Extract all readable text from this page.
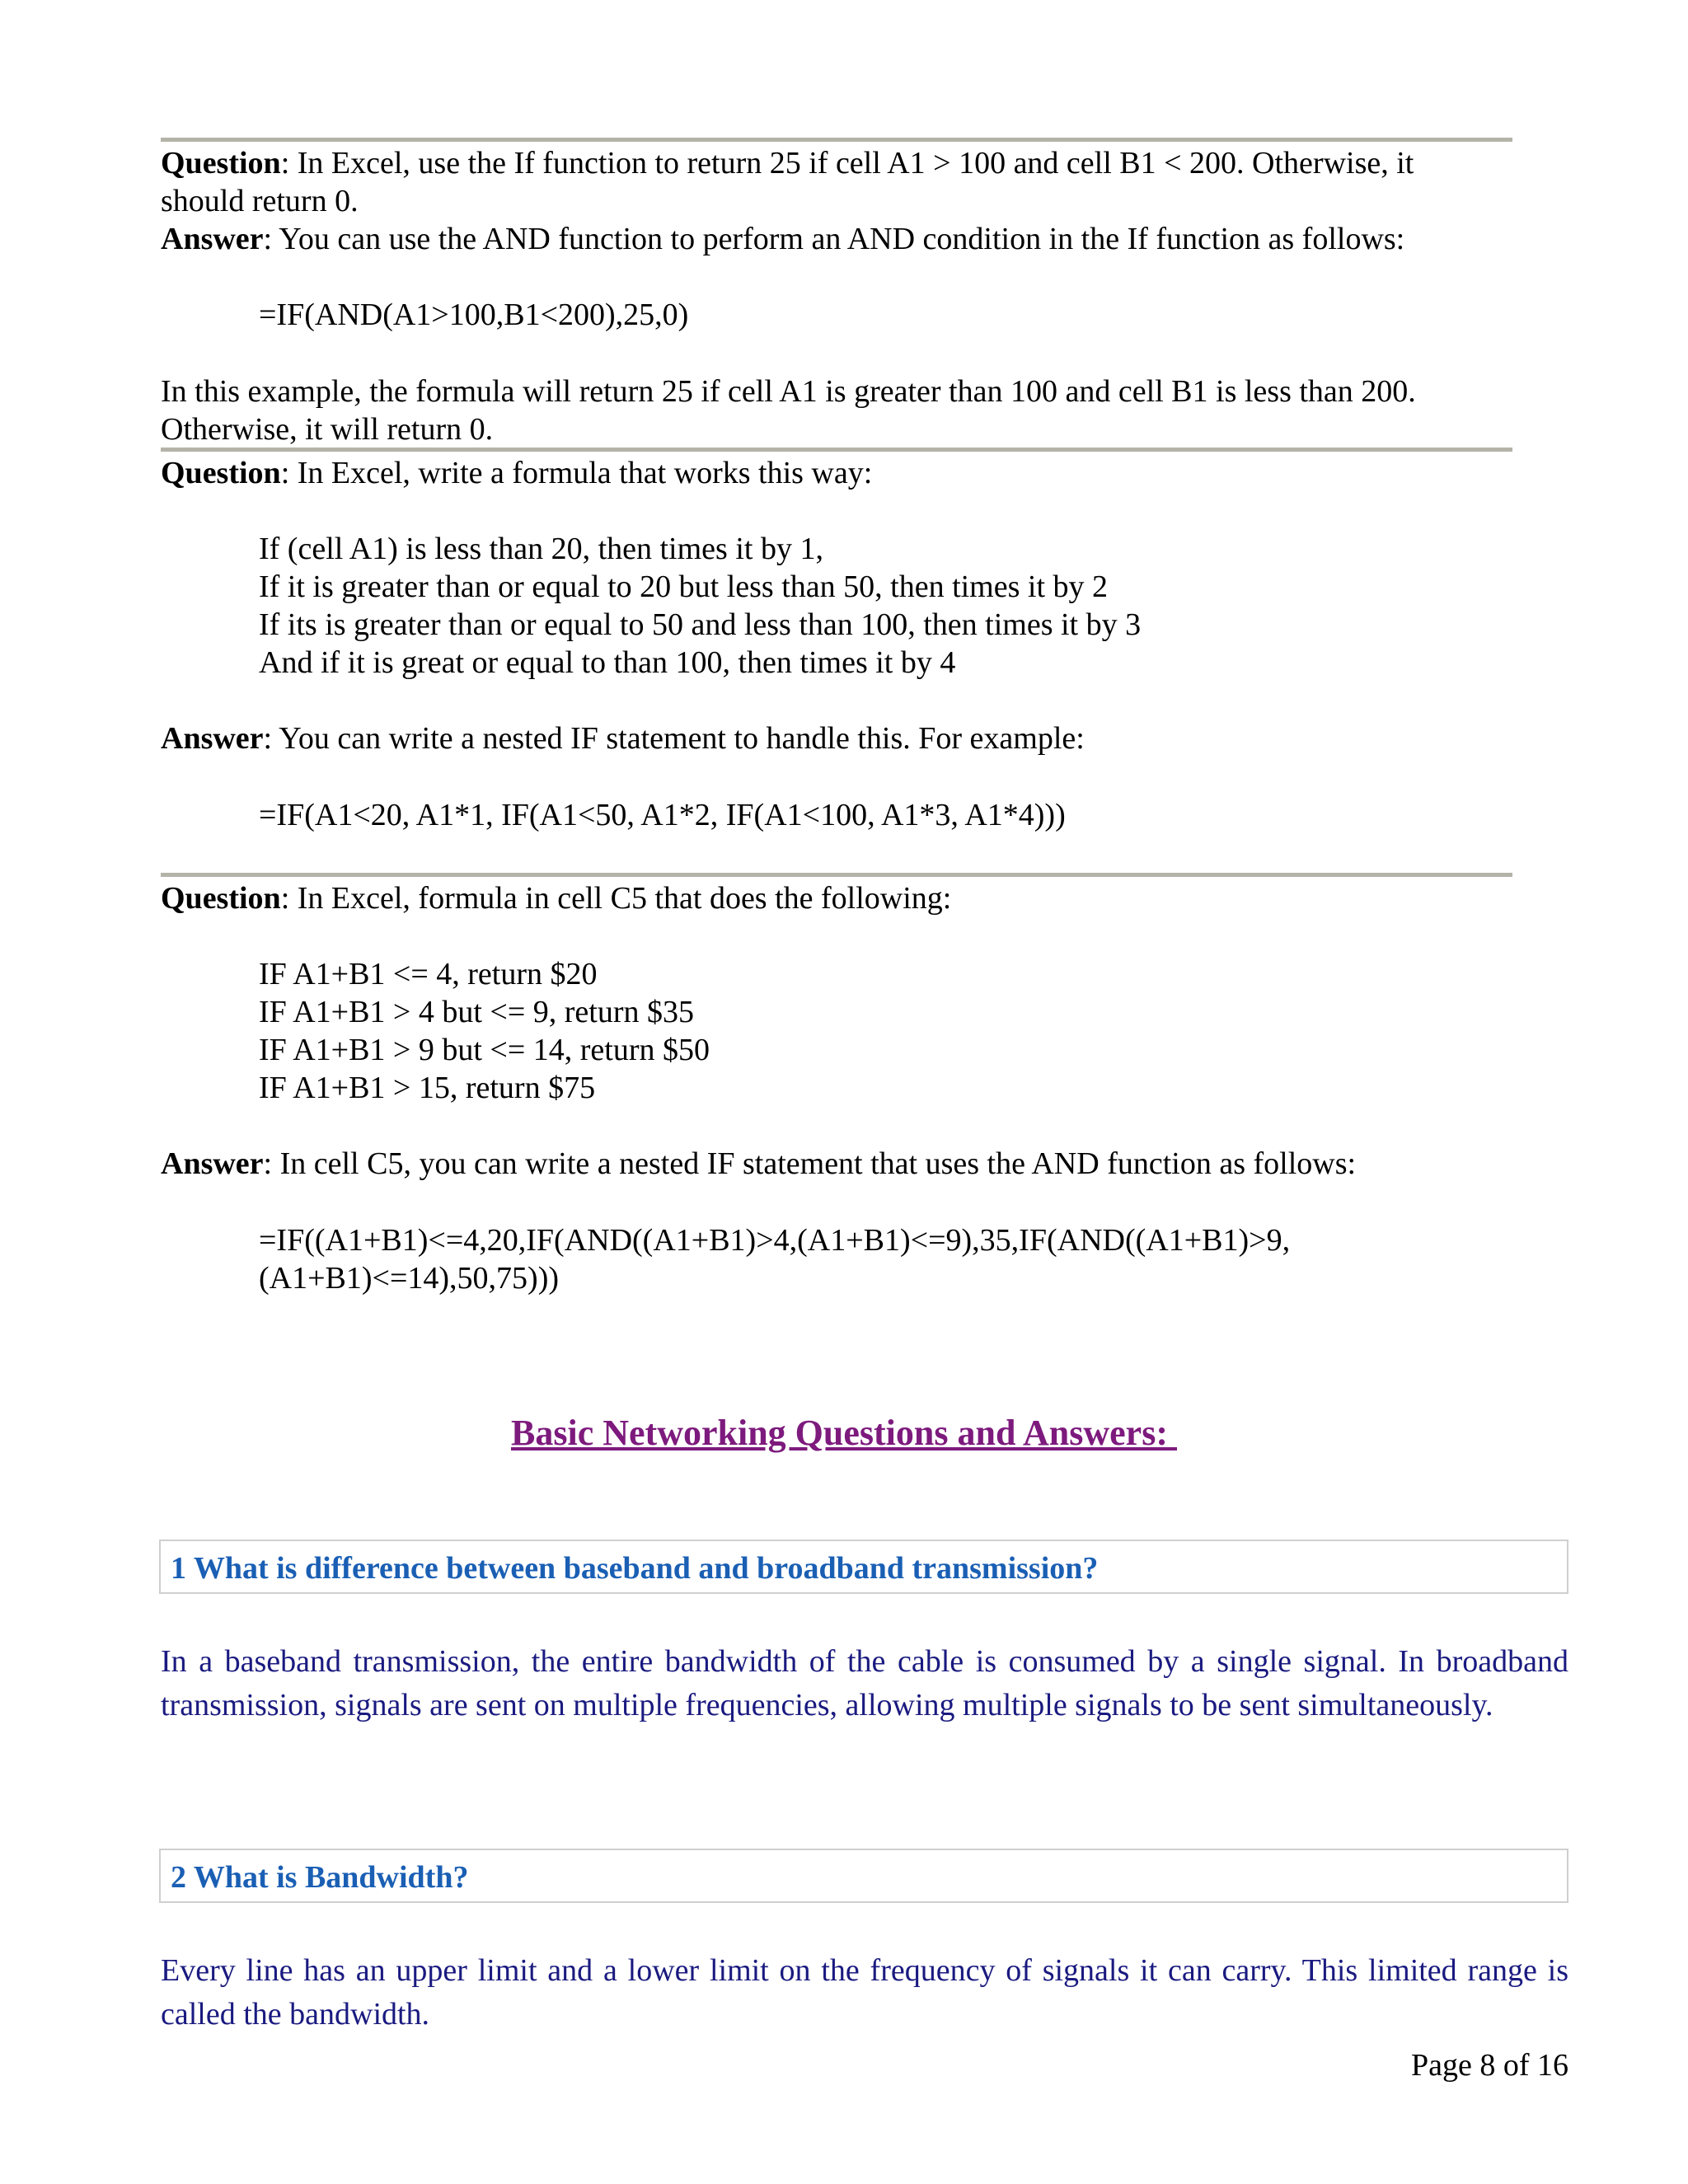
Question: In Excel, use the If function to return 25 if cell A1 > 100 and cell B1 < 200. Otherwise, it
should return 0.
Answer: You can use the AND function to perform an AND condition in the If function as follows:
=IF(AND(A1>100,B1<200),25,0)
In this example, the formula will return 25 if cell A1 is greater than 100 and cell B1 is less than 200.
Otherwise, it will return 0.
Question: In Excel, write a formula that works this way:
If (cell A1) is less than 20, then times it by 1,
If it is greater than or equal to 20 but less than 50, then times it by 2
If its is greater than or equal to 50 and less than 100, then times it by 3
And if it is great or equal to than 100, then times it by 4
Answer: You can write a nested IF statement to handle this. For example:
=IF(A1<20, A1*1, IF(A1<50, A1*2, IF(A1<100, A1*3, A1*4)))
Question: In Excel, formula in cell C5 that does the following:
IF A1+B1 <= 4, return $20
IF A1+B1 > 4 but <= 9, return $35
IF A1+B1 > 9 but <= 14, return $50
IF A1+B1 > 15, return $75
Answer: In cell C5, you can write a nested IF statement that uses the AND function as follows:
=IF((A1+B1)<=4,20,IF(AND((A1+B1)>4,(A1+B1)<=9),35,IF(AND((A1+B1)>9,
(A1+B1)<=14),50,75)))
Basic Networking Questions and Answers:
1 What is difference between baseband and broadband transmission?
In a baseband transmission, the entire bandwidth of the cable is consumed by a single signal. In broadband transmission, signals are sent on multiple frequencies, allowing multiple signals to be sent simultaneously.
2 What is Bandwidth?
Every line has an upper limit and a lower limit on the frequency of signals it can carry. This limited range is called the bandwidth.
Page 8 of 16
